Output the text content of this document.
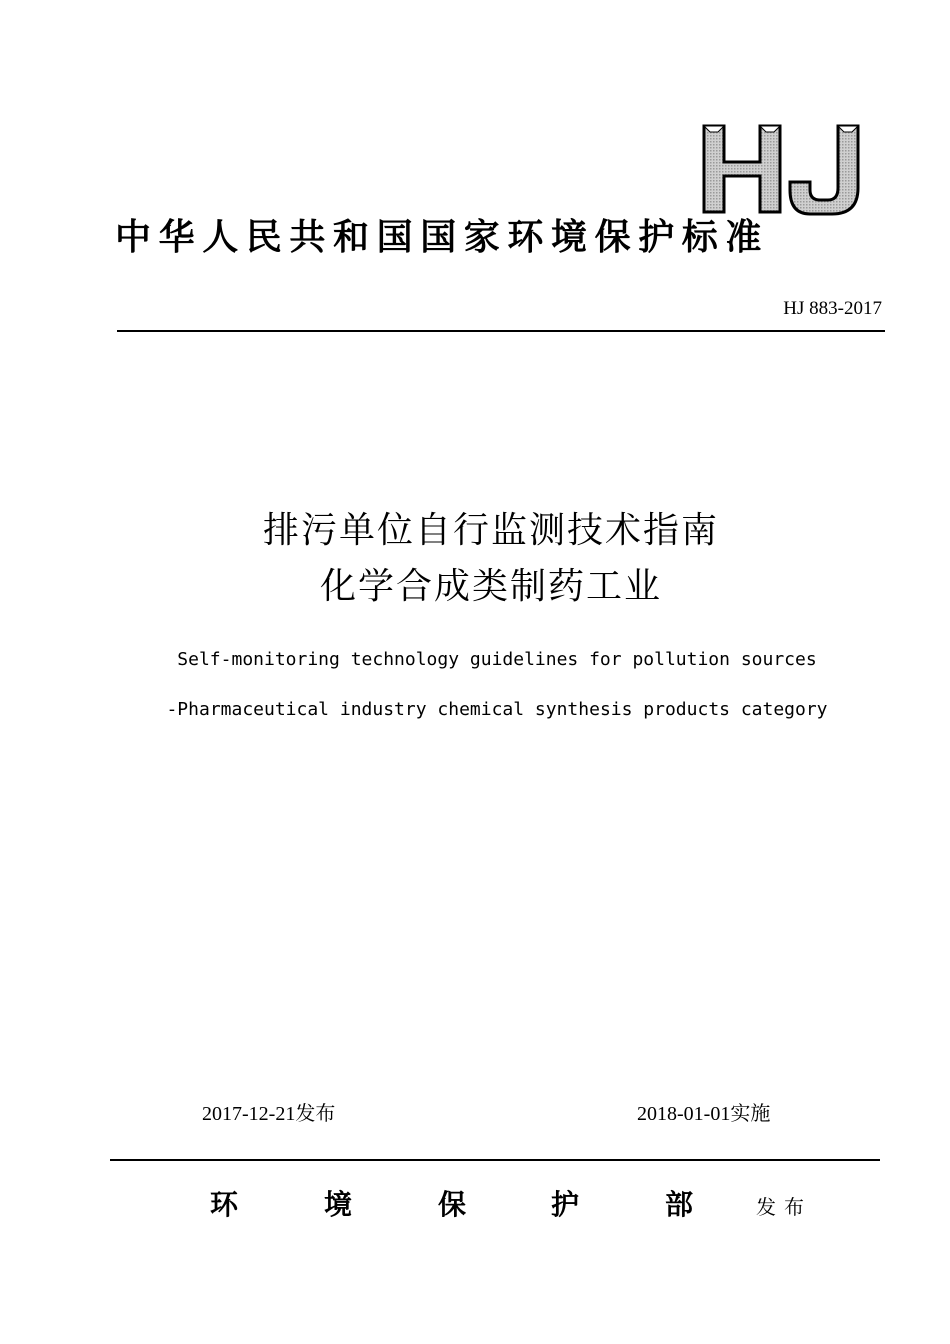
中华人民共和国国家环境保护标准
HJ 883-2017
排污单位自行监测技术指南
化学合成类制药工业
Self-monitoring technology guidelines for pollution sources
-Pharmaceutical industry chemical synthesis products category
2017-12-21发布	2018-01-01实施
环	境	保	护	部	发布
